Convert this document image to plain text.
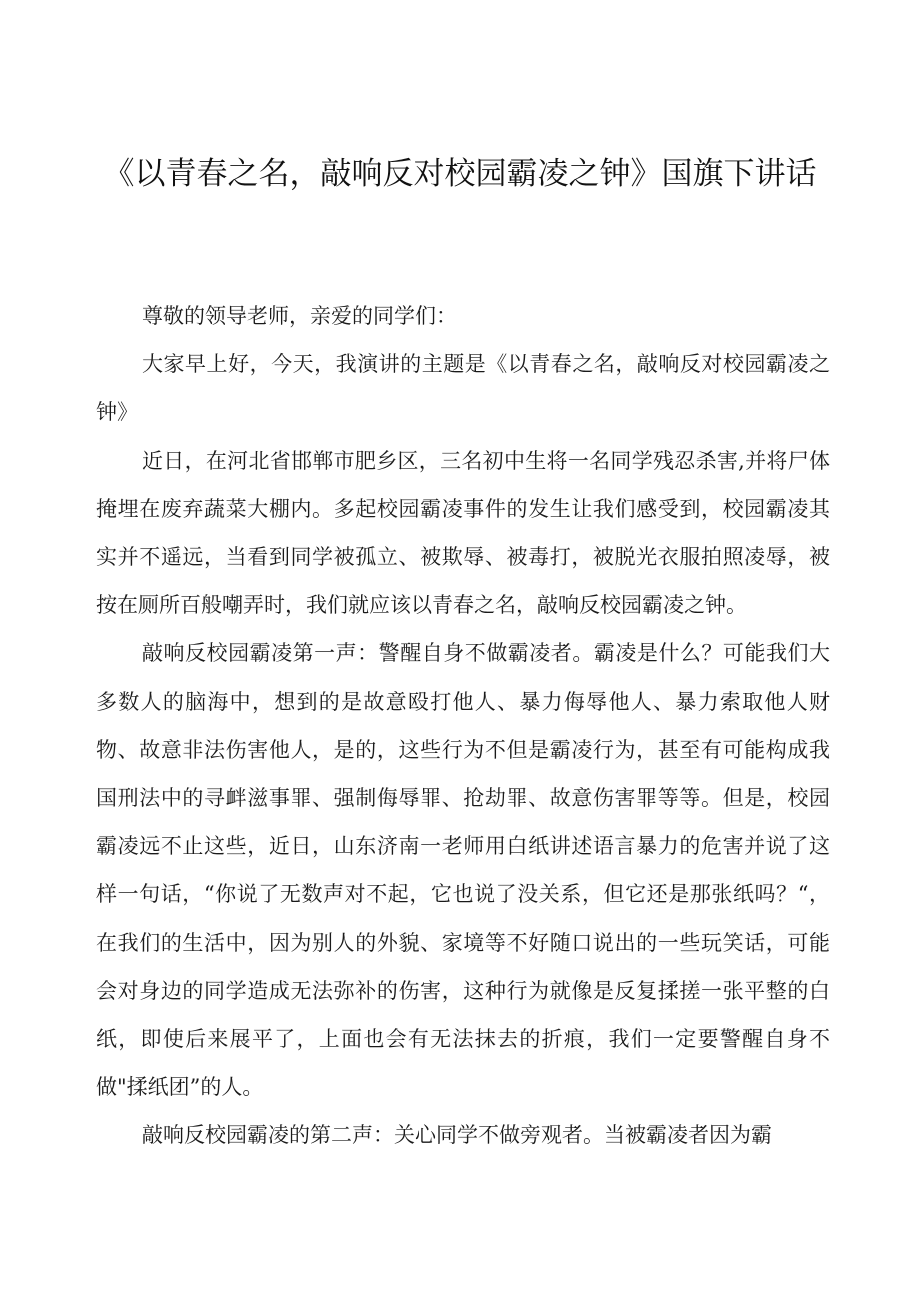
《以青春之名，敲响反对校园霸凌之钟》国旗下讲话

尊敬的领导老师，亲爱的同学们：

大家早上好，今天，我演讲的主题是《以青春之名，敲响反对校园霸凌之钟》

近日，在河北省邯郸市肥乡区，三名初中生将一名同学残忍杀害,并将尸体掩埋在废弃蔬菜大棚内。多起校园霸凌事件的发生让我们感受到，校园霸凌其实并不遥远，当看到同学被孤立、被欺辱、被毒打，被脱光衣服拍照凌辱，被按在厕所百般嘲弄时，我们就应该以青春之名，敲响反校园霸凌之钟。

敲响反校园霸凌第一声：警醒自身不做霸凌者。霸凌是什么？可能我们大多数人的脑海中，想到的是故意殴打他人、暴力侮辱他人、暴力索取他人财物、故意非法伤害他人，是的，这些行为不但是霸凌行为，甚至有可能构成我国刑法中的寻衅滋事罪、强制侮辱罪、抢劫罪、故意伤害罪等等。但是，校园霸凌远不止这些，近日，山东济南一老师用白纸讲述语言暴力的危害并说了这样一句话，“你说了无数声对不起，它也说了没关系，但它还是那张纸吗？“，在我们的生活中，因为别人的外貌、家境等不好随口说出的一些玩笑话，可能会对身边的同学造成无法弥补的伤害，这种行为就像是反复揉搓一张平整的白纸，即使后来展平了，上面也会有无法抹去的折痕，我们一定要警醒自身不做"揉纸团”的人。

敲响反校园霸凌的第二声：关心同学不做旁观者。当被霸凌者因为霸
